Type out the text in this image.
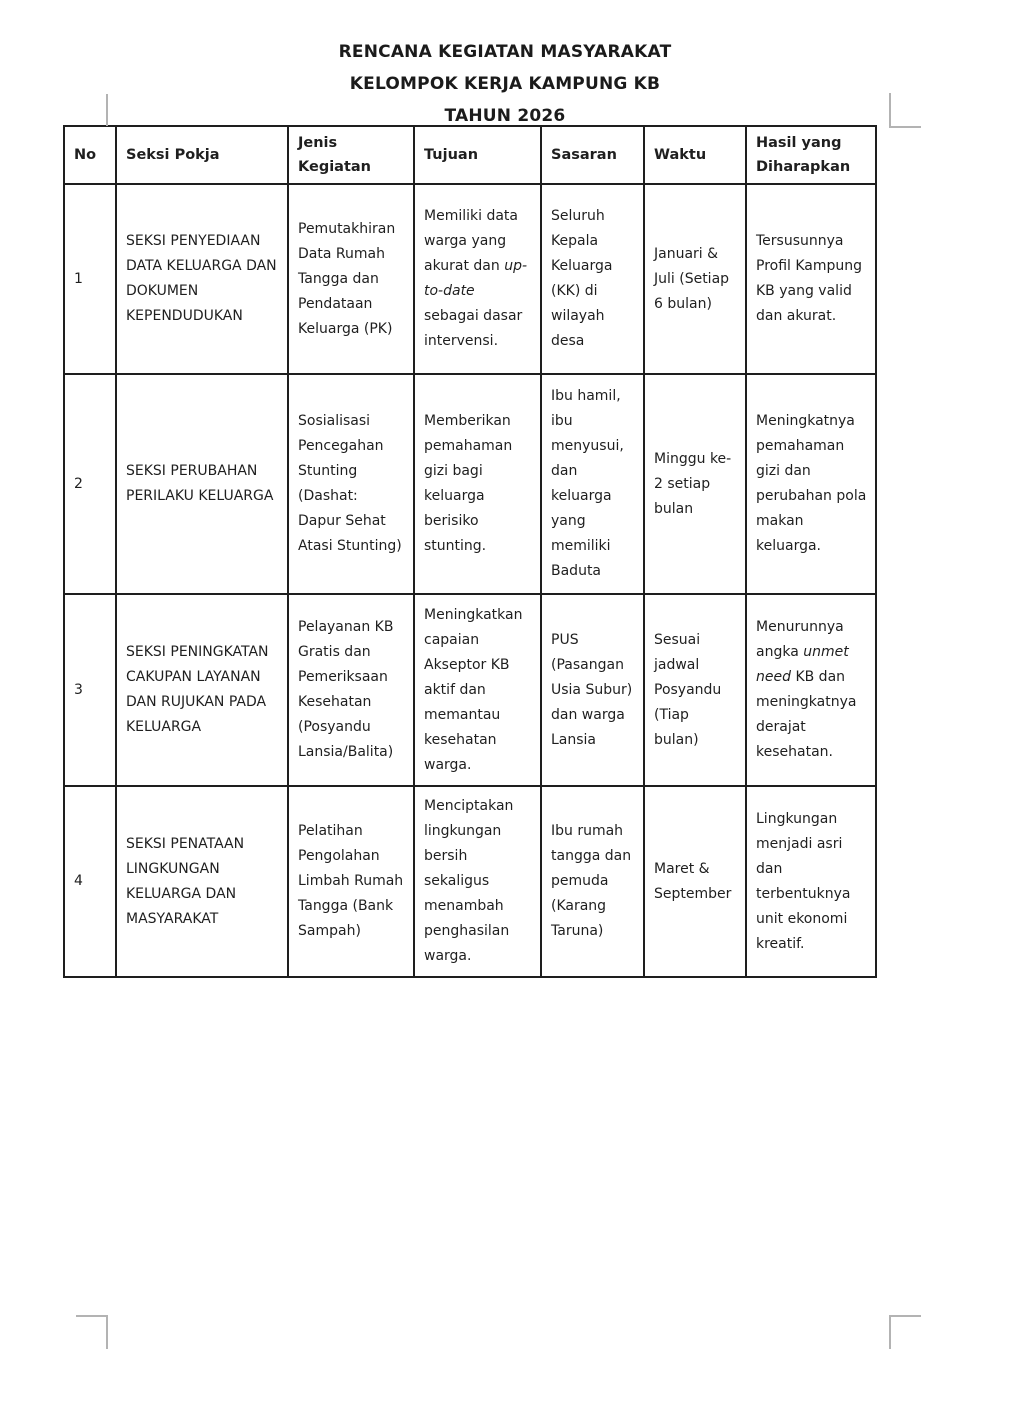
RENCANA KEGIATAN MASYARAKAT
KELOMPOK KERJA KAMPUNG KB
TAHUN 2026
No	Seksi Pokja	Jenis Kegiatan	Tujuan	Sasaran	Waktu	Hasil yang Diharapkan
1	SEKSI PENYEDIAAN DATA KELUARGA DAN DOKUMEN KEPENDUDUKAN	Pemutakhiran Data Rumah Tangga dan Pendataan Keluarga (PK)	Memiliki data warga yang akurat dan up-to-date sebagai dasar intervensi.	Seluruh Kepala Keluarga (KK) di wilayah desa	Januari & Juli (Setiap 6 bulan)	Tersusunnya Profil Kampung KB yang valid dan akurat.
2	SEKSI PERUBAHAN PERILAKU KELUARGA	Sosialisasi Pencegahan Stunting (Dashat: Dapur Sehat Atasi Stunting)	Memberikan pemahaman gizi bagi keluarga berisiko stunting.	Ibu hamil, ibu menyusui, dan keluarga yang memiliki Baduta	Minggu ke-2 setiap bulan	Meningkatnya pemahaman gizi dan perubahan pola makan keluarga.
3	SEKSI PENINGKATAN CAKUPAN LAYANAN DAN RUJUKAN PADA KELUARGA	Pelayanan KB Gratis dan Pemeriksaan Kesehatan (Posyandu Lansia/Balita)	Meningkatkan capaian Akseptor KB aktif dan memantau kesehatan warga.	PUS (Pasangan Usia Subur) dan warga Lansia	Sesuai jadwal Posyandu (Tiap bulan)	Menurunnya angka unmet need KB dan meningkatnya derajat kesehatan.
4	SEKSI PENATAAN LINGKUNGAN KELUARGA DAN MASYARAKAT	Pelatihan Pengolahan Limbah Rumah Tangga (Bank Sampah)	Menciptakan lingkungan bersih sekaligus menambah penghasilan warga.	Ibu rumah tangga dan pemuda (Karang Taruna)	Maret & September	Lingkungan menjadi asri dan terbentuknya unit ekonomi kreatif.
